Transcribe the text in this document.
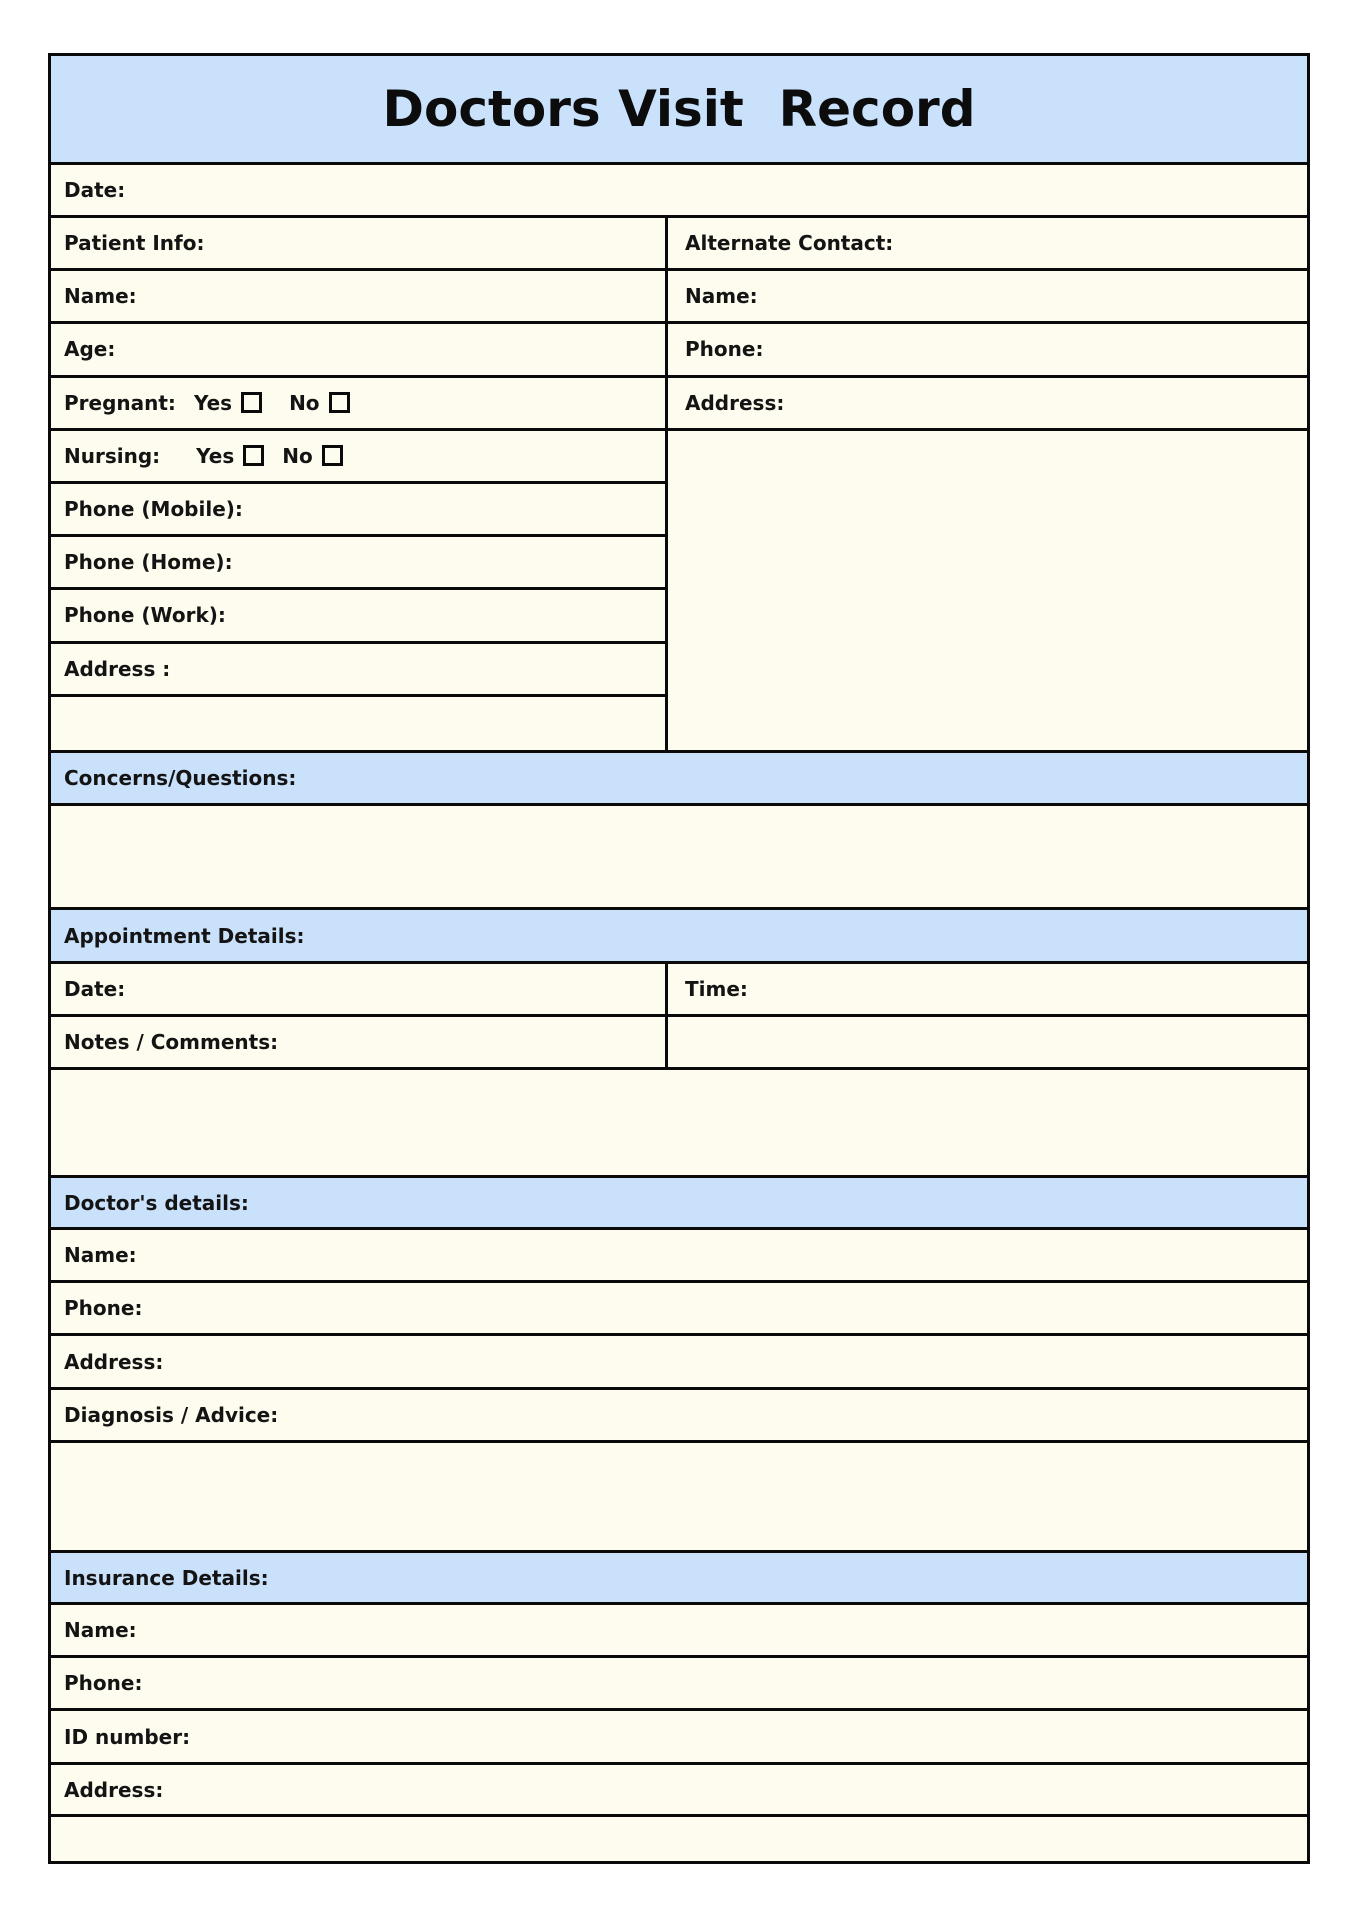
Doctors Visit  Record
Date:
Patient Info:
Name:
Age:
Pregnant: Yes	No
Nursing: Yes No
Phone (Mobile):
Phone (Home):
Phone (Work):
Address :
Alternate Contact:
Name:
Phone:
Address:
Concerns/Questions:
Appointment Details:
Date:
Notes / Comments:
Time:
Doctor's details:
Name:
Phone:
Address:
Diagnosis / Advice:
Insurance Details:
Name:
Phone:
ID number:
Address:
